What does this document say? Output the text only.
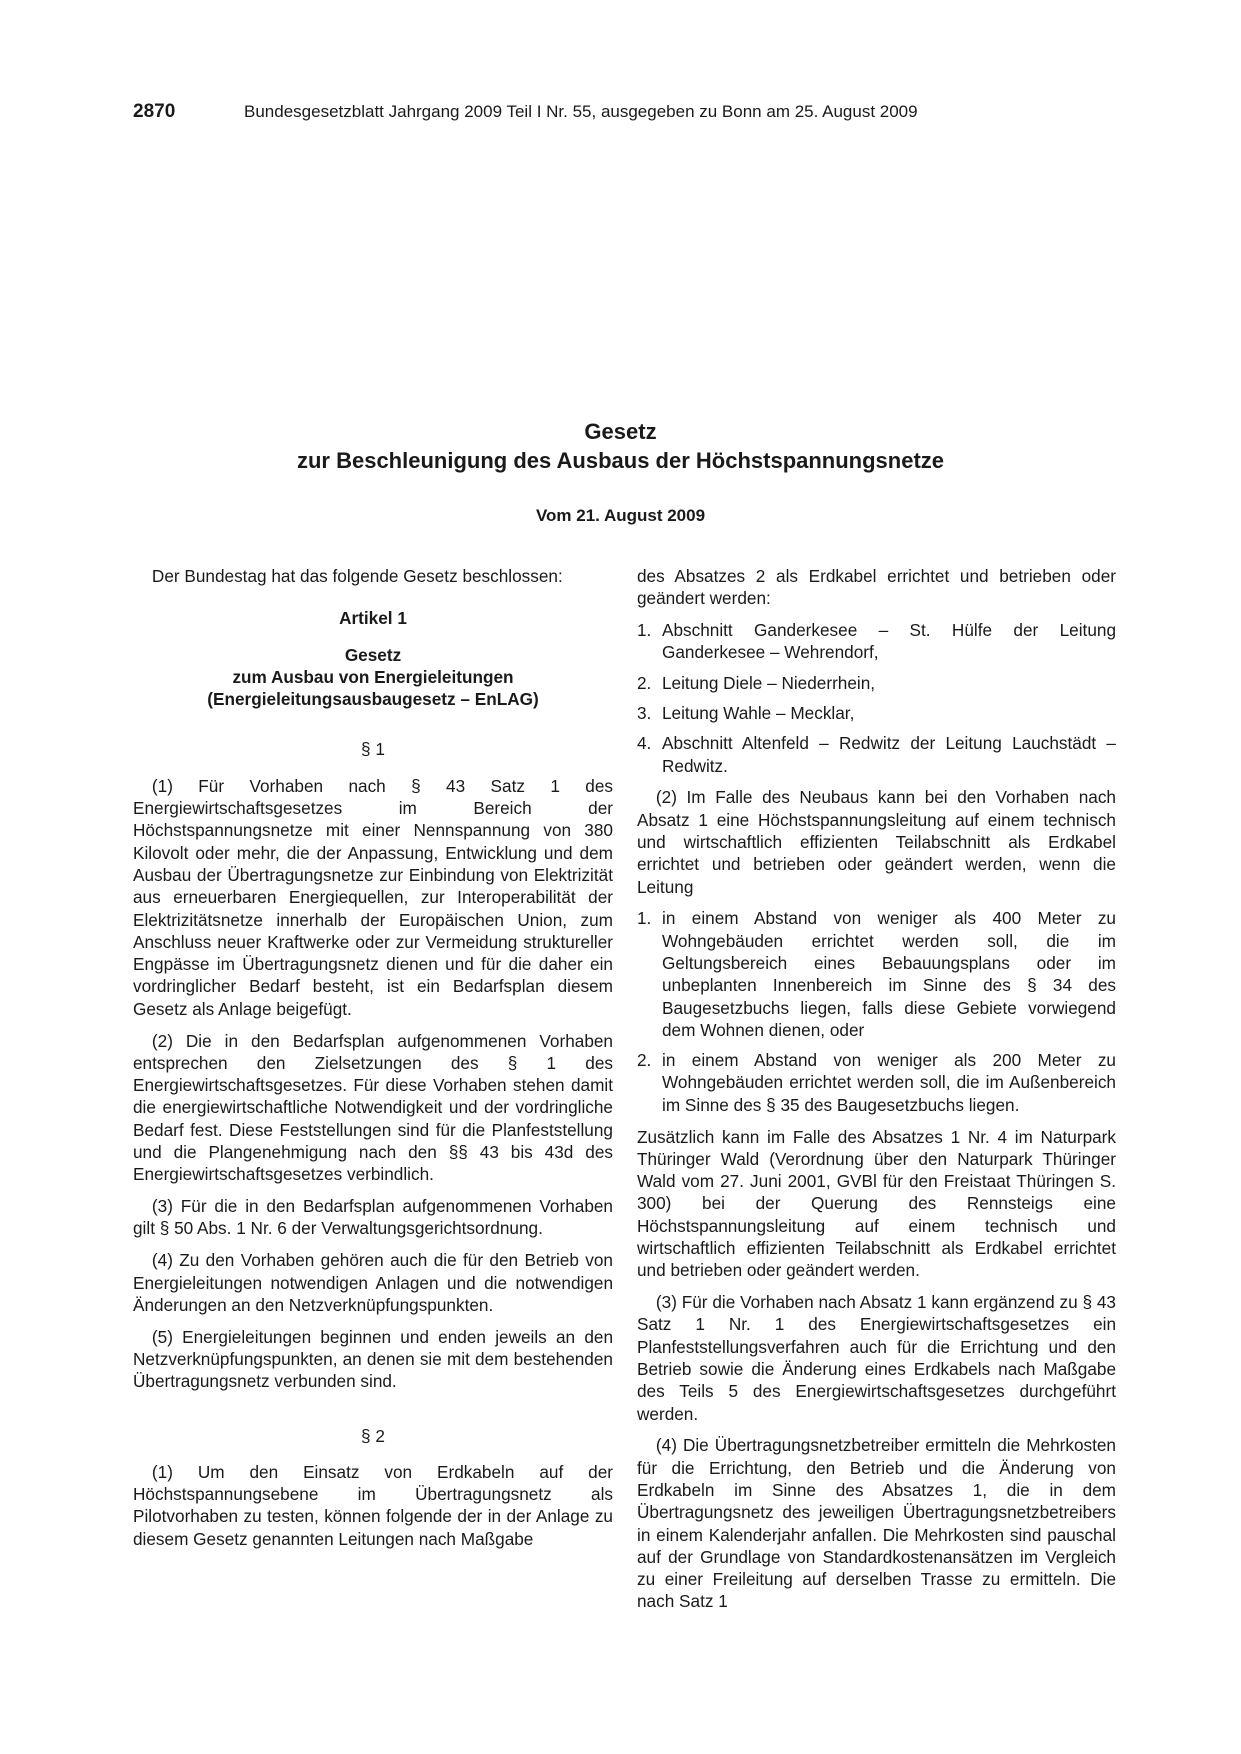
2870	Bundesgesetzblatt Jahrgang 2009 Teil I Nr. 55, ausgegeben zu Bonn am 25. August 2009
Gesetz
zur Beschleunigung des Ausbaus der Höchstspannungsnetze
Vom 21. August 2009

Der Bundestag hat das folgende Gesetz beschlossen:

Artikel 1
Gesetz
zum Ausbau von Energieleitungen
(Energieleitungsausbaugesetz – EnLAG)
§ 1

(1) Für Vorhaben nach § 43 Satz 1 des Energiewirtschaftsgesetzes im Bereich der Höchstspannungsnetze mit einer Nennspannung von 380 Kilovolt oder mehr, die der Anpassung, Entwicklung und dem Ausbau der Übertragungsnetze zur Einbindung von Elektrizität aus erneuerbaren Energiequellen, zur Interoperabilität der Elektrizitätsnetze innerhalb der Europäischen Union, zum Anschluss neuer Kraftwerke oder zur Vermeidung struktureller Engpässe im Übertragungsnetz dienen und für die daher ein vordringlicher Bedarf besteht, ist ein Bedarfsplan diesem Gesetz als Anlage beigefügt.

(2) Die in den Bedarfsplan aufgenommenen Vorhaben entsprechen den Zielsetzungen des § 1 des Energiewirtschaftsgesetzes. Für diese Vorhaben stehen damit die energiewirtschaftliche Notwendigkeit und der vordringliche Bedarf fest. Diese Feststellungen sind für die Planfeststellung und die Plangenehmigung nach den §§ 43 bis 43d des Energiewirtschaftsgesetzes verbindlich.

(3) Für die in den Bedarfsplan aufgenommenen Vorhaben gilt § 50 Abs. 1 Nr. 6 der Verwaltungsgerichtsordnung.

(4) Zu den Vorhaben gehören auch die für den Betrieb von Energieleitungen notwendigen Anlagen und die notwendigen Änderungen an den Netzverknüpfungspunkten.

(5) Energieleitungen beginnen und enden jeweils an den Netzverknüpfungspunkten, an denen sie mit dem bestehenden Übertragungsnetz verbunden sind.

§ 2

(1) Um den Einsatz von Erdkabeln auf der Höchstspannungsebene im Übertragungsnetz als Pilotvorhaben zu testen, können folgende der in der Anlage zu diesem Gesetz genannten Leitungen nach Maßgabe

des Absatzes 2 als Erdkabel errichtet und betrieben oder geändert werden:

1. Abschnitt Ganderkesee – St. Hülfe der Leitung Ganderkesee – Wehrendorf,
2. Leitung Diele – Niederrhein,
3. Leitung Wahle – Mecklar,
4. Abschnitt Altenfeld – Redwitz der Leitung Lauchstädt – Redwitz.

(2) Im Falle des Neubaus kann bei den Vorhaben nach Absatz 1 eine Höchstspannungsleitung auf einem technisch und wirtschaftlich effizienten Teilabschnitt als Erdkabel errichtet und betrieben oder geändert werden, wenn die Leitung

1. in einem Abstand von weniger als 400 Meter zu Wohngebäuden errichtet werden soll, die im Geltungsbereich eines Bebauungsplans oder im unbeplanten Innenbereich im Sinne des § 34 des Baugesetzbuchs liegen, falls diese Gebiete vorwiegend dem Wohnen dienen, oder
2. in einem Abstand von weniger als 200 Meter zu Wohngebäuden errichtet werden soll, die im Außenbereich im Sinne des § 35 des Baugesetzbuchs liegen.

Zusätzlich kann im Falle des Absatzes 1 Nr. 4 im Naturpark Thüringer Wald (Verordnung über den Naturpark Thüringer Wald vom 27. Juni 2001, GVBl für den Freistaat Thüringen S. 300) bei der Querung des Rennsteigs eine Höchstspannungsleitung auf einem technisch und wirtschaftlich effizienten Teilabschnitt als Erdkabel errichtet und betrieben oder geändert werden.

(3) Für die Vorhaben nach Absatz 1 kann ergänzend zu § 43 Satz 1 Nr. 1 des Energiewirtschaftsgesetzes ein Planfeststellungsverfahren auch für die Errichtung und den Betrieb sowie die Änderung eines Erdkabels nach Maßgabe des Teils 5 des Energiewirtschaftsgesetzes durchgeführt werden.

(4) Die Übertragungsnetzbetreiber ermitteln die Mehrkosten für die Errichtung, den Betrieb und die Änderung von Erdkabeln im Sinne des Absatzes 1, die in dem Übertragungsnetz des jeweiligen Übertragungsnetzbetreibers in einem Kalenderjahr anfallen. Die Mehrkosten sind pauschal auf der Grundlage von Standardkostenansätzen im Vergleich zu einer Freileitung auf derselben Trasse zu ermitteln. Die nach Satz 1
